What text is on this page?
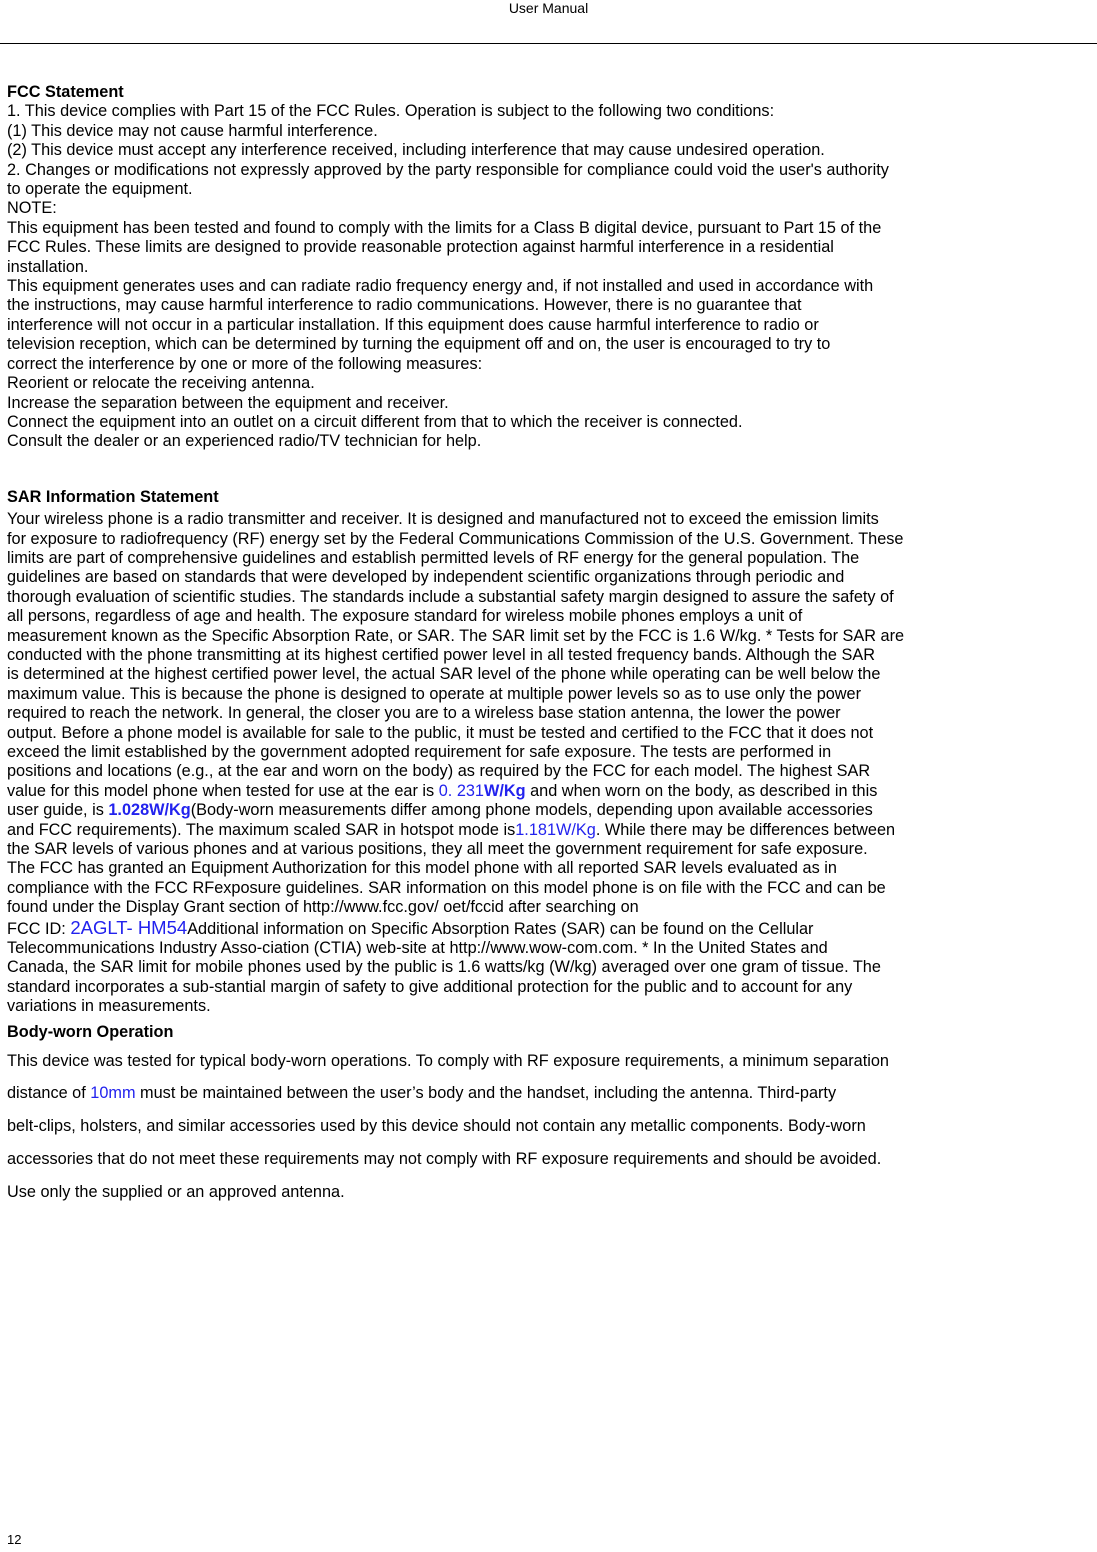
User Manual

FCC Statement

1. This device complies with Part 15 of the FCC Rules. Operation is subject to the following two conditions:

(1) This device may not cause harmful interference.

(2) This device must accept any interference received, including interference that may cause undesired operation.

2. Changes or modifications not expressly approved by the party responsible for compliance could void the user's authority

to operate the equipment.

NOTE:

This equipment has been tested and found to comply with the limits for a Class B digital device, pursuant to Part 15 of the

FCC Rules. These limits are designed to provide reasonable protection against harmful interference in a residential

installation.

This equipment generates uses and can radiate radio frequency energy and, if not installed and used in accordance with

the instructions, may cause harmful interference to radio communications. However, there is no guarantee that

interference will not occur in a particular installation. If this equipment does cause harmful interference to radio or

television reception, which can be determined by turning the equipment off and on, the user is encouraged to try to

correct the interference by one or more of the following measures:

Reorient or relocate the receiving antenna.

Increase the separation between the equipment and receiver.

Connect the equipment into an outlet on a circuit different from that to which the receiver is connected.

Consult the dealer or an experienced radio/TV technician for help.

SAR Information Statement

Your wireless phone is a radio transmitter and receiver. It is designed and manufactured not to exceed the emission limits

for exposure to radiofrequency (RF) energy set by the Federal Communications Commission of the U.S. Government. These

limits are part of comprehensive guidelines and establish permitted levels of RF energy for the general population. The

guidelines are based on standards that were developed by independent scientific organizations through periodic and

thorough evaluation of scientific studies. The standards include a substantial safety margin designed to assure the safety of

all persons, regardless of age and health. The exposure standard for wireless mobile phones employs a unit of

measurement known as the Specific Absorption Rate, or SAR. The SAR limit set by the FCC is 1.6 W/kg. * Tests for SAR are

conducted with the phone transmitting at its highest certified power level in all tested frequency bands. Although the SAR

is determined at the highest certified power level, the actual SAR level of the phone while operating can be well below the

maximum value. This is because the phone is designed to operate at multiple power levels so as to use only the power

required to reach the network. In general, the closer you are to a wireless base station antenna, the lower the power

output. Before a phone model is available for sale to the public, it must be tested and certified to the FCC that it does not

exceed the limit established by the government adopted requirement for safe exposure. The tests are performed in

positions and locations (e.g., at the ear and worn on the body) as required by the FCC for each model. The highest SAR

value for this model phone when tested for use at the ear is 0. 231W/Kg and when worn on the body, as described in this

user guide, is 1.028W/Kg(Body-worn measurements differ among phone models, depending upon available accessories

and FCC requirements). The maximum scaled SAR in hotspot mode is1.181W/Kg. While there may be differences between

the SAR levels of various phones and at various positions, they all meet the government requirement for safe exposure.

The FCC has granted an Equipment Authorization for this model phone with all reported SAR levels evaluated as in

compliance with the FCC RFexposure guidelines. SAR information on this model phone is on file with the FCC and can be

found under the Display Grant section of http://www.fcc.gov/ oet/fccid after searching on

FCC ID: 2AGLT- HM54Additional information on Specific Absorption Rates (SAR) can be found on the Cellular

Telecommunications Industry Asso-ciation (CTIA) web-site at http://www.wow-com.com. * In the United States and

Canada, the SAR limit for mobile phones used by the public is 1.6 watts/kg (W/kg) averaged over one gram of tissue. The

standard incorporates a sub-stantial margin of safety to give additional protection for the public and to account for any

variations in measurements.

Body-worn Operation

This device was tested for typical body-worn operations. To comply with RF exposure requirements, a minimum separation

distance of 10mm must be maintained between the user’s body and the handset, including the antenna. Third-party

belt-clips, holsters, and similar accessories used by this device should not contain any metallic components. Body-worn

accessories that do not meet these requirements may not comply with RF exposure requirements and should be avoided.

Use only the supplied or an approved antenna.

12
